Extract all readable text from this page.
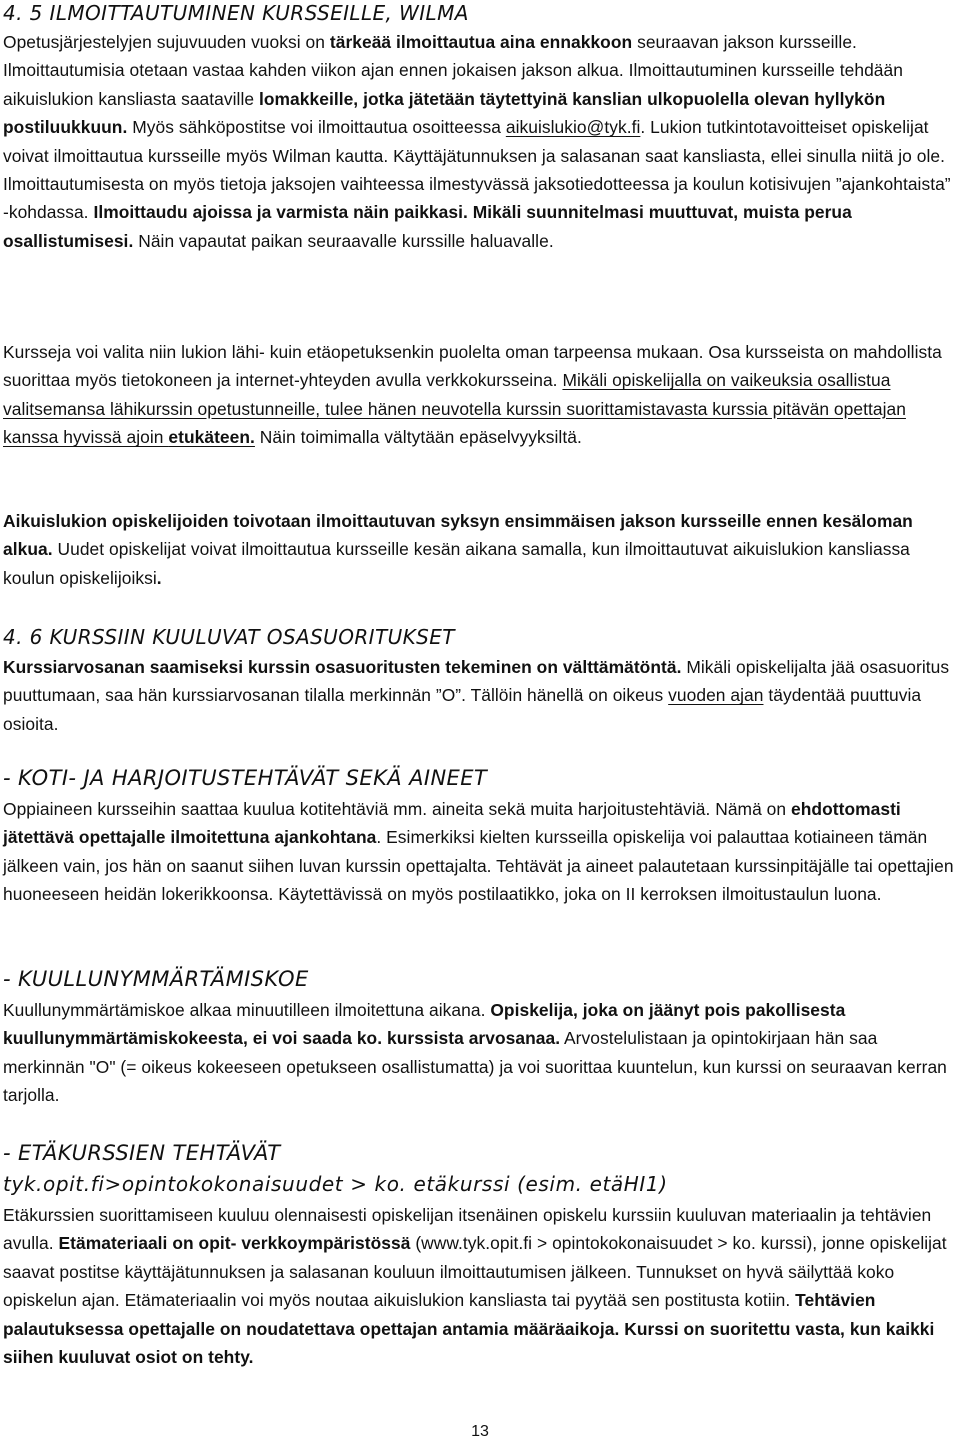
4. 5 ILMOITTAUTUMINEN KURSSEILLE, WILMA

Opetusjärjestelyjen sujuvuuden vuoksi on tärkeää ilmoittautua aina ennakkoon seuraavan jakson kursseille. Ilmoittautumisia otetaan vastaa kahden viikon ajan ennen jokaisen jakson alkua. Ilmoittautuminen kursseille tehdään aikuislukion kansliasta saataville lomakkeille, jotka jätetään täytettyinä kanslian ulkopuolella olevan hyllykön postiluukkuun. Myös sähköpostitse voi ilmoittautua osoitteessa aikuislukio@tyk.fi. Lukion tutkintotavoitteiset opiskelijat voivat ilmoittautua kursseille myös Wilman kautta. Käyttäjätunnuksen ja salasanan saat kansliasta, ellei sinulla niitä jo ole. Ilmoittautumisesta on myös tietoja jaksojen vaihteessa ilmestyvässä jaksotiedotteessa ja koulun kotisivujen ”ajankohtaista” -kohdassa. Ilmoittaudu ajoissa ja varmista näin paikkasi. Mikäli suunnitelmasi muuttuvat, muista perua osallistumisesi. Näin vapautat paikan seuraavalle kurssille haluavalle.

Kursseja voi valita niin lukion lähi- kuin etäopetuksenkin puolelta oman tarpeensa mukaan. Osa kursseista on mahdollista suorittaa myös tietokoneen ja internet-yhteyden avulla verkkokursseina. Mikäli opiskelijalla on vaikeuksia osallistua valitsemansa lähikurssin opetustunneille, tulee hänen neuvotella kurssin suorittamistavasta kurssia pitävän opettajan kanssa hyvissä ajoin etukäteen. Näin toimimalla vältytään epäselvyyksiltä.

Aikuislukion opiskelijoiden toivotaan ilmoittautuvan syksyn ensimmäisen jakson kursseille ennen kesäloman alkua. Uudet opiskelijat voivat ilmoittautua kursseille kesän aikana samalla, kun ilmoittautuvat aikuislukion kansliassa koulun opiskelijoiksi.

4. 6 KURSSIIN KUULUVAT OSASUORITUKSET

Kurssiarvosanan saamiseksi kurssin osasuoritusten tekeminen on välttämätöntä. Mikäli opiskelijalta jää osasuoritus puuttumaan, saa hän kurssiarvosanan tilalla merkinnän ”O”. Tällöin hänellä on oikeus vuoden ajan täydentää puuttuvia osioita.

- KOTI- JA HARJOITUSTEHTÄVÄT SEKÄ AINEET

Oppiaineen kursseihin saattaa kuulua kotitehtäviä mm. aineita sekä muita harjoitustehtäviä. Nämä on ehdottomasti jätettävä opettajalle ilmoitettuna ajankohtana. Esimerkiksi kielten kursseilla opiskelija voi palauttaa kotiaineen tämän jälkeen vain, jos hän on saanut siihen luvan kurssin opettajalta. Tehtävät ja aineet palautetaan kurssinpitäjälle tai opettajien huoneeseen heidän lokerikkoonsa. Käytettävissä on myös postilaatikko, joka on II kerroksen ilmoitustaulun luona.

- KUULLUNYMMÄRTÄMISKOE

Kuullunymmärtämiskoe alkaa minuutilleen ilmoitettuna aikana. Opiskelija, joka on jäänyt pois pakollisesta kuullunymmärtämiskokeesta, ei voi saada ko. kurssista arvosanaa. Arvostelulistaan ja opintokirjaan hän saa merkinnän "O" (= oikeus kokeeseen opetukseen osallistumatta) ja voi suorittaa kuuntelun, kun kurssi on seuraavan kerran tarjolla.

- ETÄKURSSIEN TEHTÄVÄT
tyk.opit.fi>opintokokonaisuudet > ko. etäkurssi (esim. etäHI1)

Etäkurssien suorittamiseen kuuluu olennaisesti opiskelijan itsenäinen opiskelu kurssiin kuuluvan materiaalin ja tehtävien avulla. Etämateriaali on opit- verkkoympäristössä (www.tyk.opit.fi > opintokokonaisuudet > ko. kurssi), jonne opiskelijat saavat postitse käyttäjätunnuksen ja salasanan kouluun ilmoittautumisen jälkeen. Tunnukset on hyvä säilyttää koko opiskelun ajan. Etämateriaalin voi myös noutaa aikuislukion kansliasta tai pyytää sen postitusta kotiin. Tehtävien palautuksessa opettajalle on noudatettava opettajan antamia määräaikoja. Kurssi on suoritettu vasta, kun kaikki siihen kuuluvat osiot on tehty.

13
